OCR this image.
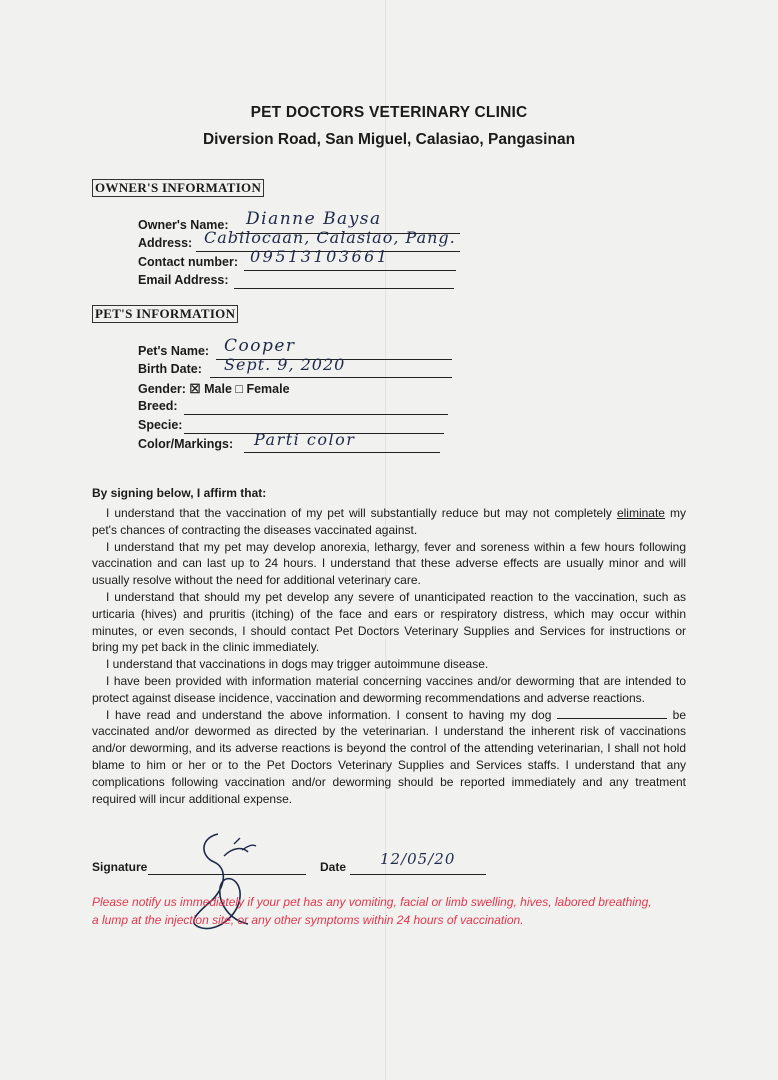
PET DOCTORS VETERINARY CLINIC
Diversion Road, San Miguel, Calasiao, Pangasinan
OWNER'S INFORMATION
Owner's Name: Dianne Baysa
Address: Cabilocaan, Calasiao, Pang.
Contact number: 09513103661
Email Address:
PET'S INFORMATION
Pet's Name: Cooper
Birth Date: Sept. 9, 2020
Gender: ☒ Male □ Female
Breed:
Specie:
Color/Markings: Parti color
By signing below, I affirm that:

I understand that the vaccination of my pet will substantially reduce but may not completely eliminate my pet's chances of contracting the diseases vaccinated against.

I understand that my pet may develop anorexia, lethargy, fever and soreness within a few hours following vaccination and can last up to 24 hours. I understand that these adverse effects are usually minor and will usually resolve without the need for additional veterinary care.

I understand that should my pet develop any severe of unanticipated reaction to the vaccination, such as urticaria (hives) and pruritis (itching) of the face and ears or respiratory distress, which may occur within minutes, or even seconds, I should contact Pet Doctors Veterinary Supplies and Services for instructions or bring my pet back in the clinic immediately.

I understand that vaccinations in dogs may trigger autoimmune disease.

I have been provided with information material concerning vaccines and/or deworming that are intended to protect against disease incidence, vaccination and deworming recommendations and adverse reactions.

I have read and understand the above information. I consent to having my dog	be vaccinated and/or dewormed as directed by the veterinarian. I understand the inherent risk of vaccinations and/or deworming, and its adverse reactions is beyond the control of the attending veterinarian, I shall not hold blame to him or her or to the Pet Doctors Veterinary Supplies and Services staffs. I understand that any complications following vaccination and/or deworming should be reported immediately and any treatment required will incur additional expense.

Signature	Date 12/05/20
Please notify us immediately if your pet has any vomiting, facial or limb swelling, hives, labored breathing, a lump at the injection site, or any other symptoms within 24 hours of vaccination.
